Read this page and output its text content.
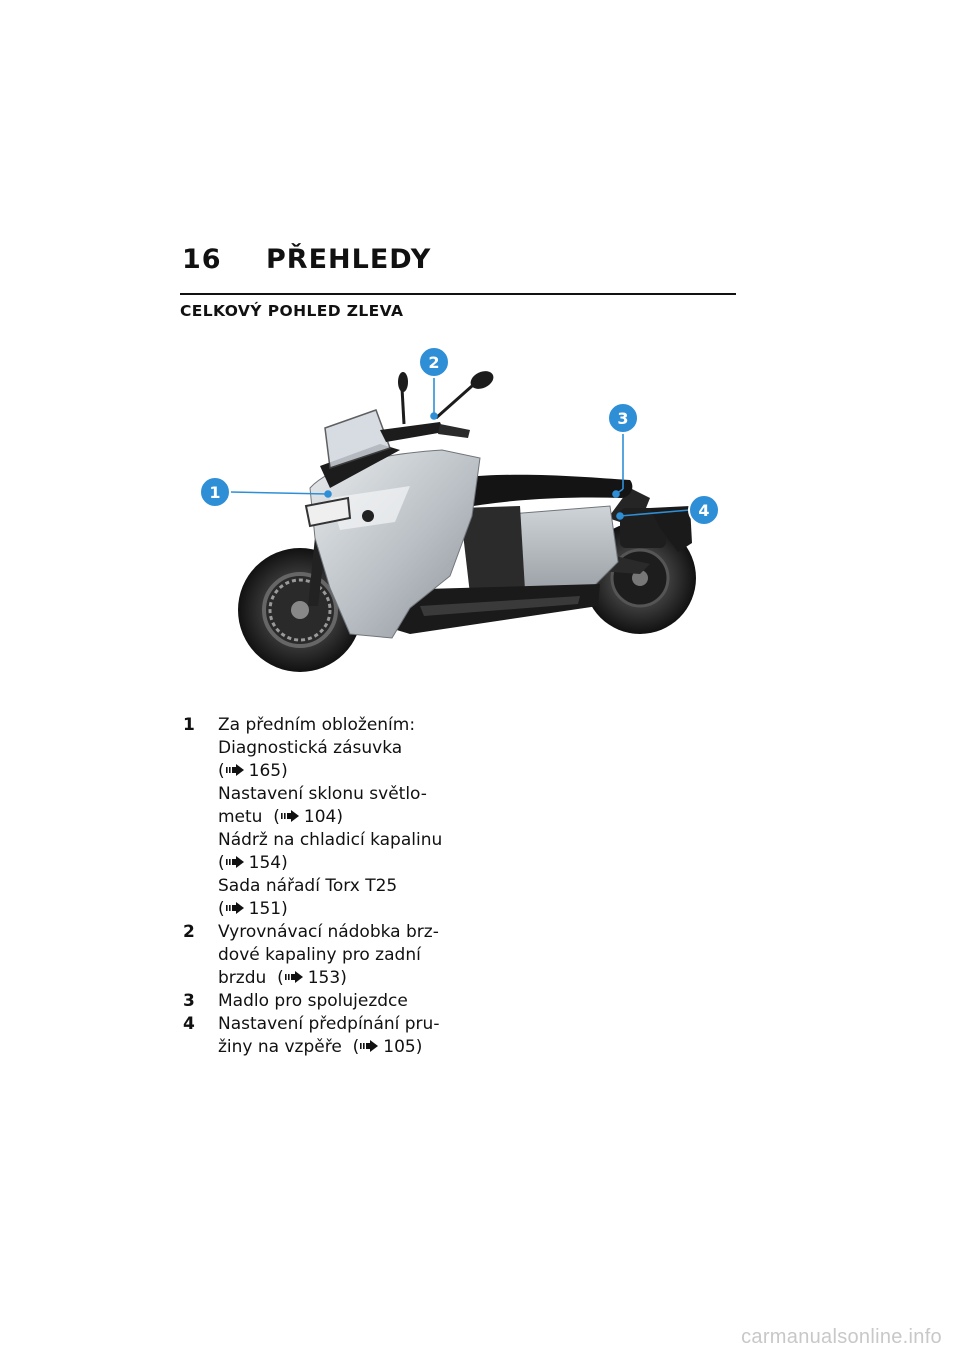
16 PŘEHLEDY
CELKOVÝ POHLED ZLEVA
1
2
3
4
1 Za předním obložením:
Diagnostická zásuvka
( 165)
Nastavení sklonu světlo-
metu ( 104)
Nádrž na chladicí kapalinu
( 154)
Sada nářadí Torx T25
( 151)
2 Vyrovnávací nádobka brz-
dové kapaliny pro zadní
brzdu ( 153)
3 Madlo pro spolujezdce
4 Nastavení předpínání pru-
žiny na vzpěře ( 105)
carmanualsonline.info
